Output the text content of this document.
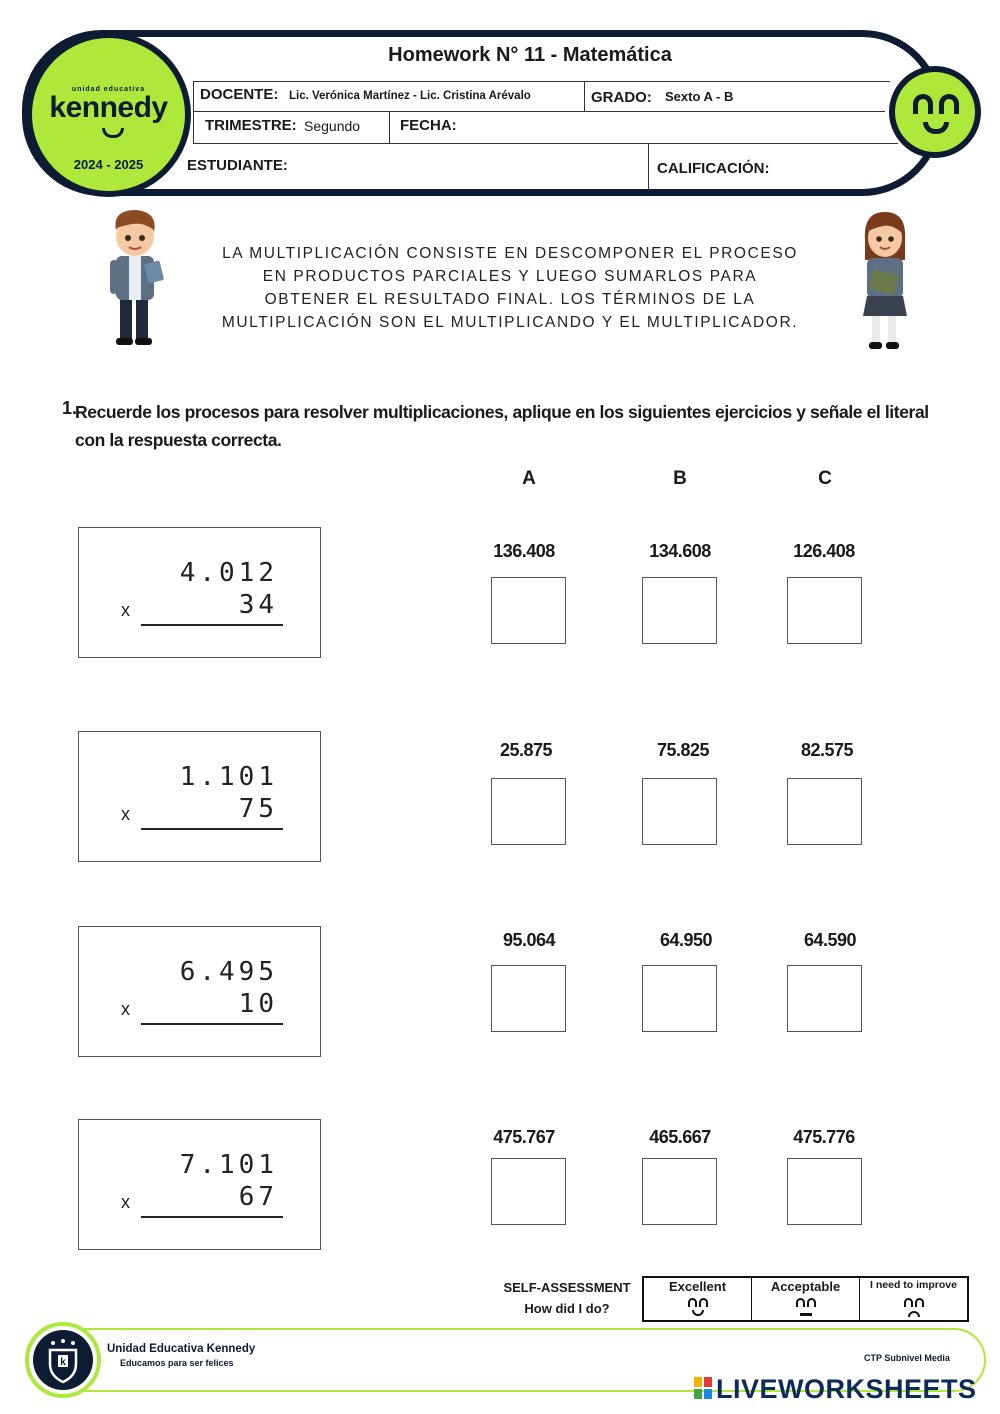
unidad educativa
kennedy
2024 - 2025
Homework N° 11 - Matemática
DOCENTE: Lic. Verónica Martínez - Lic. Cristina Arévalo	GRADO: Sexto A - B
TRIMESTRE: Segundo	FECHA:
ESTUDIANTE:	CALIFICACIÓN:
LA MULTIPLICACIÓN CONSISTE EN DESCOMPONER EL PROCESO
EN PRODUCTOS PARCIALES Y LUEGO SUMARLOS PARA
OBTENER EL RESULTADO FINAL. LOS TÉRMINOS DE LA
MULTIPLICACIÓN SON EL MULTIPLICANDO Y EL MULTIPLICADOR.
1.
Recuerde los procesos para resolver multiplicaciones, aplique en los siguientes ejercicios y señale el literal con la respuesta correcta.
A	B	C
4.012
x	34
136.408	134.608	126.408
1.101
x	75
25.875	75.825	82.575
6.495
x	10
95.064	64.950	64.590
7.101
x	67
475.767	465.667	475.776
SELF-ASSESSMENT
How did I do?
Excellent	Acceptable	I need to improve
k
Unidad Educativa Kennedy
Educamos para ser felices	CTP Subnivel Media
LIVEWORKSHEETS
